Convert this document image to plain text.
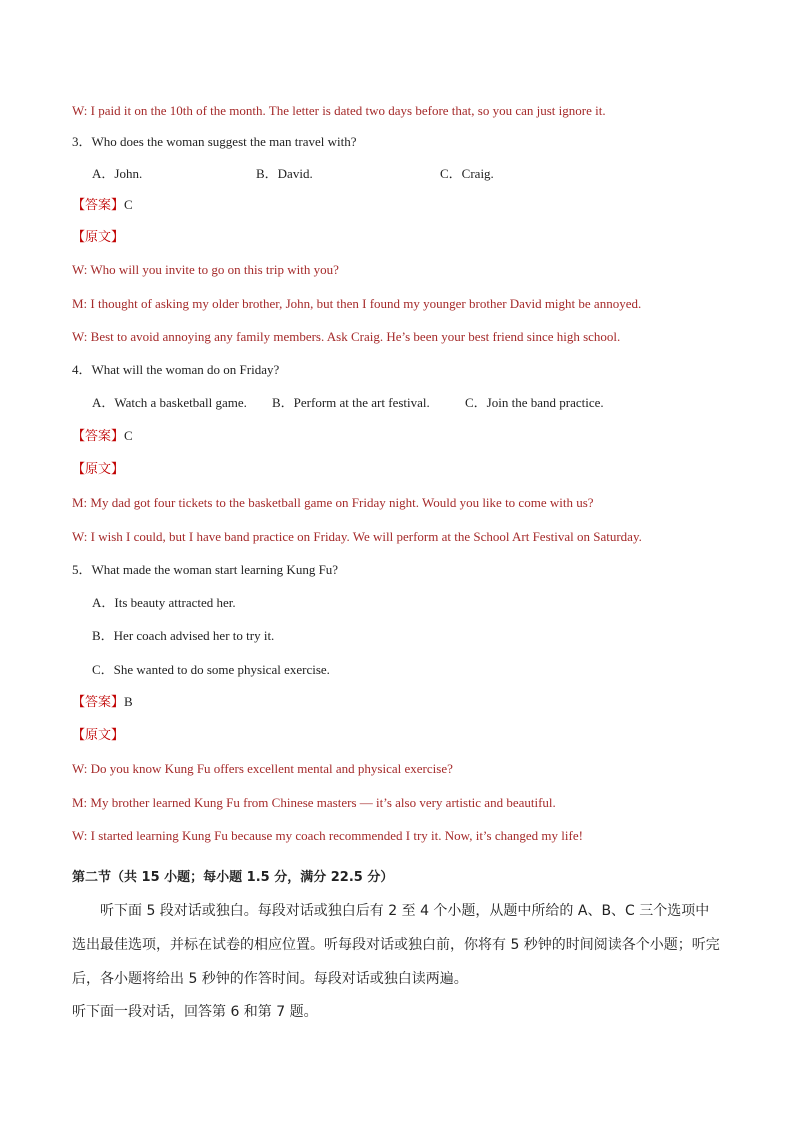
W: I paid it on the 10th of the month. The letter is dated two days before that, so you can just ignore it.
3．Who does the woman suggest the man travel with?
A．John.	B．David.	C．Craig.
【答案】C
【原文】
W: Who will you invite to go on this trip with you?
M: I thought of asking my older brother, John, but then I found my younger brother David might be annoyed.
W: Best to avoid annoying any family members. Ask Craig. He’s been your best friend since high school.
4．What will the woman do on Friday?
A．Watch a basketball game. B．Perform at the art festival.	C．Join the band practice.
【答案】C
【原文】
M: My dad got four tickets to the basketball game on Friday night. Would you like to come with us?
W: I wish I could, but I have band practice on Friday. We will perform at the School Art Festival on Saturday.
5．What made the woman start learning Kung Fu?
A．Its beauty attracted her.
B．Her coach advised her to try it.
C．She wanted to do some physical exercise.
【答案】B
【原文】
W: Do you know Kung Fu offers excellent mental and physical exercise?
M: My brother learned Kung Fu from Chinese masters — it’s also very artistic and beautiful.
W: I started learning Kung Fu because my coach recommended I try it. Now, it’s changed my life!
第二节（共 15 小题；每小题 1.5 分，满分 22.5 分）
听下面 5 段对话或独白。每段对话或独白后有 2 至 4 个小题，从题中所给的 A、B、C 三个选项中选出最佳选项，并标在试卷的相应位置。听每段对话或独白前，你将有 5 秒钟的时间阅读各个小题；听完后，各小题将给出 5 秒钟的作答时间。每段对话或独白读两遍。
听下面一段对话，回答第 6 和第 7 题。
